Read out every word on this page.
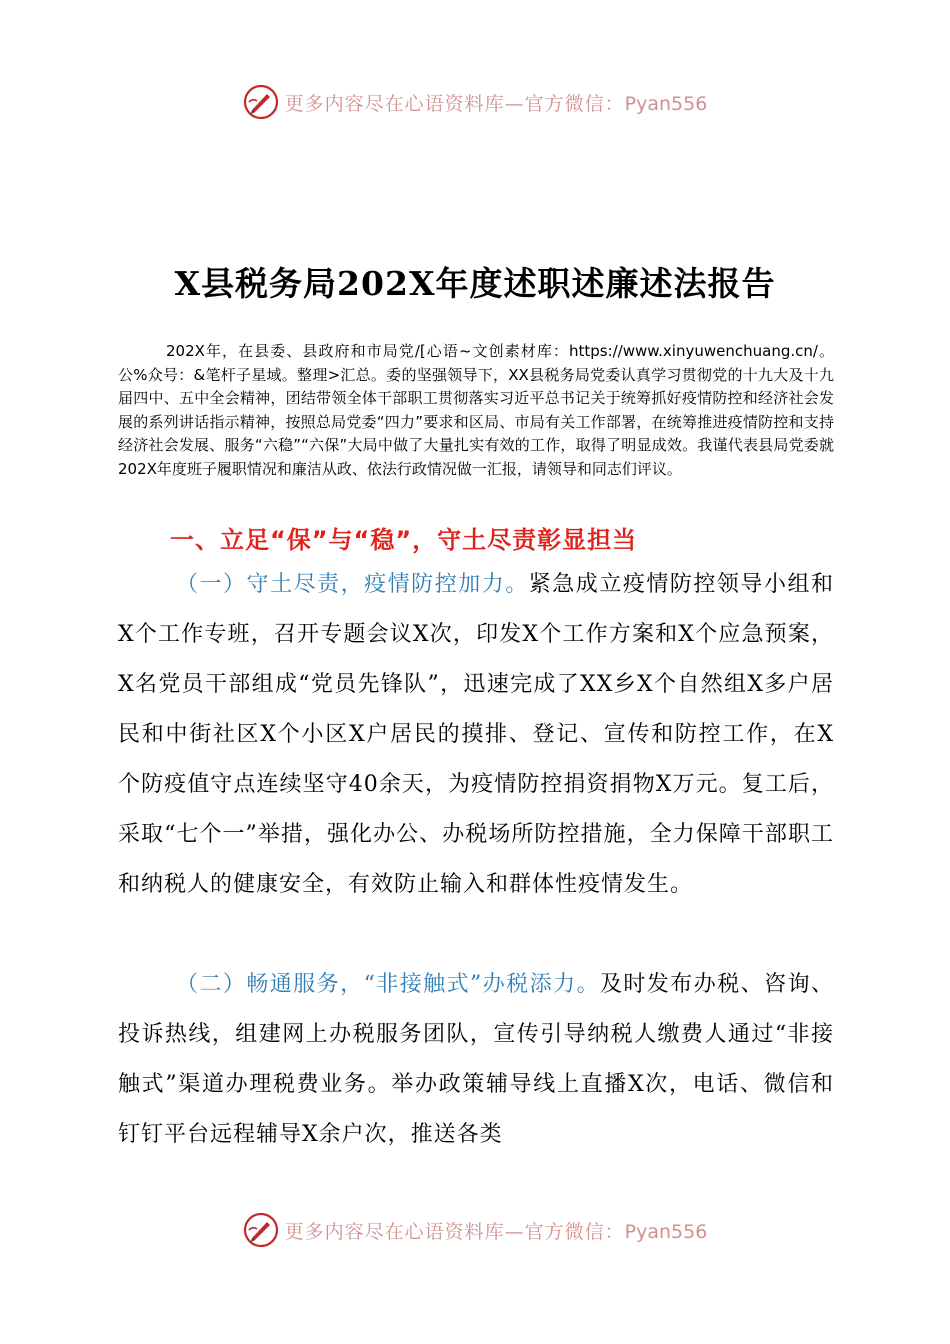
更多内容尽在心语资料库—官方微信：Pyan556
X县税务局202X年度述职述廉述法报告

202X年，在县委、县政府和市局党/[心语~文创素材库：https://www.xinyuwenchuang.cn/。公%众号：&笔杆子星域。整理>汇总。委的坚强领导下，XX县税务局党委认真学习贯彻党的十九大及十九届四中、五中全会精神，团结带领全体干部职工贯彻落实习近平总书记关于统筹抓好疫情防控和经济社会发展的系列讲话指示精神，按照总局党委“四力”要求和区局、市局有关工作部署，在统筹推进疫情防控和支持经济社会发展、服务“六稳”“六保”大局中做了大量扎实有效的工作，取得了明显成效。我谨代表县局党委就202X年度班子履职情况和廉洁从政、依法行政情况做一汇报，请领导和同志们评议。

一、立足“保”与“稳”，守土尽责彰显担当

（一）守土尽责，疫情防控加力。紧急成立疫情防控领导小组和X个工作专班，召开专题会议X次，印发X个工作方案和X个应急预案，X名党员干部组成“党员先锋队”，迅速完成了XX乡X个自然组X多户居民和中街社区X个小区X户居民的摸排、登记、宣传和防控工作，在X个防疫值守点连续坚守40余天，为疫情防控捐资捐物X万元。复工后，采取“七个一”举措，强化办公、办税场所防控措施，全力保障干部职工和纳税人的健康安全，有效防止输入和群体性疫情发生。

（二）畅通服务，“非接触式”办税添力。及时发布办税、咨询、投诉热线，组建网上办税服务团队，宣传引导纳税人缴费人通过“非接触式”渠道办理税费业务。举办政策辅导线上直播X次，电话、微信和钉钉平台远程辅导X余户次，推送各类

更多内容尽在心语资料库—官方微信：Pyan556
